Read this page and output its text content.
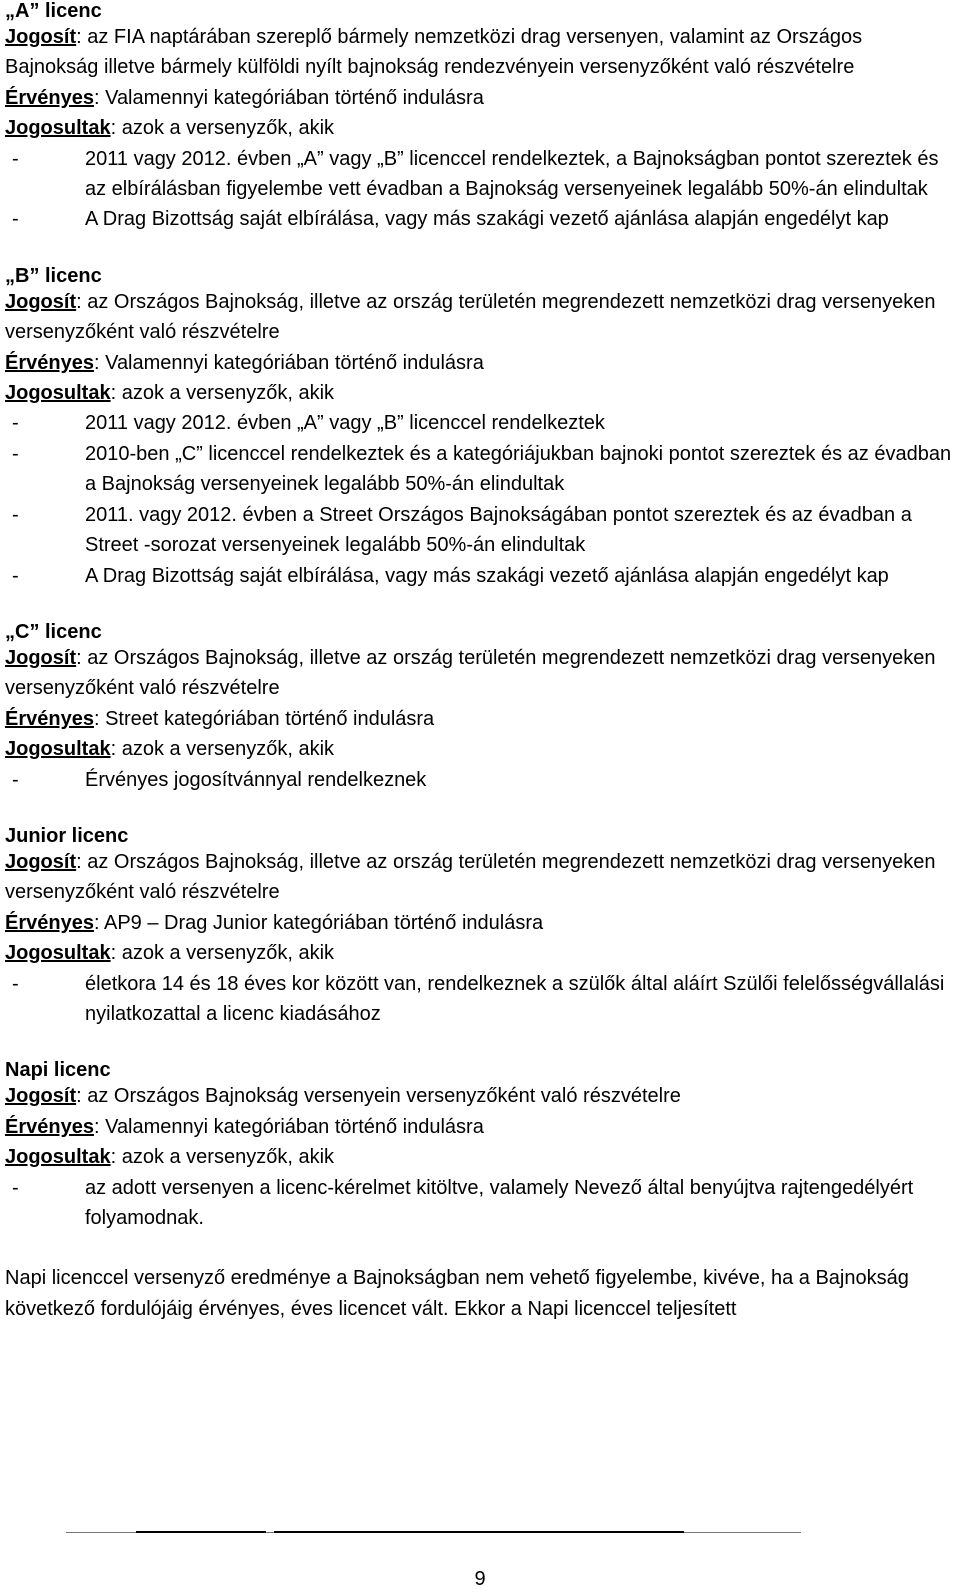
„A” licenc

Jogosít: az FIA naptárában szereplő bármely nemzetközi drag versenyen, valamint az Országos Bajnokság illetve bármely külföldi nyílt bajnokság rendezvényein versenyzőként való részvételre

Érvényes: Valamennyi kategóriában történő indulásra

Jogosultak: azok a versenyzők, akik

-	2011 vagy 2012. évben „A” vagy „B” licenccel rendelkeztek, a Bajnokságban pontot szereztek és az elbírálásban figyelembe vett évadban a Bajnokság versenyeinek legalább 50%-án elindultak
-	A Drag Bizottság saját elbírálása, vagy más szakági vezető ajánlása alapján engedélyt kap

„B” licenc

Jogosít: az Országos Bajnokság, illetve az ország területén megrendezett nemzetközi drag versenyeken versenyzőként való részvételre

Érvényes: Valamennyi kategóriában történő indulásra

Jogosultak: azok a versenyzők, akik

-	2011 vagy 2012. évben „A” vagy „B” licenccel rendelkeztek
-	2010-ben „C” licenccel rendelkeztek és a kategóriájukban bajnoki pontot szereztek és az évadban a Bajnokság versenyeinek legalább 50%-án elindultak
-	2011. vagy 2012. évben a Street Országos Bajnokságában pontot szereztek és az évadban a Street -sorozat versenyeinek legalább 50%-án elindultak
-	A Drag Bizottság saját elbírálása, vagy más szakági vezető ajánlása alapján engedélyt kap

„C” licenc

Jogosít: az Országos Bajnokság, illetve az ország területén megrendezett nemzetközi drag versenyeken versenyzőként való részvételre

Érvényes: Street kategóriában történő indulásra

Jogosultak: azok a versenyzők, akik

-	Érvényes jogosítvánnyal rendelkeznek

Junior licenc

Jogosít: az Országos Bajnokság, illetve az ország területén megrendezett nemzetközi drag versenyeken versenyzőként való részvételre

Érvényes: AP9 – Drag Junior kategóriában történő indulásra

Jogosultak: azok a versenyzők, akik

-	életkora 14 és 18 éves kor között van, rendelkeznek a szülők által aláírt Szülői felelősségvállalási nyilatkozattal a licenc kiadásához

Napi licenc

Jogosít: az Országos Bajnokság versenyein versenyzőként való részvételre

Érvényes: Valamennyi kategóriában történő indulásra

Jogosultak: azok a versenyzők, akik

-	az adott versenyen a licenc-kérelmet kitöltve, valamely Nevező által benyújtva rajtengedélyért folyamodnak.

Napi licenccel versenyző eredménye a Bajnokságban nem vehető figyelembe, kivéve, ha a Bajnokság következő fordulójáig érvényes, éves licencet vált. Ekkor a Napi licenccel teljesített

9
